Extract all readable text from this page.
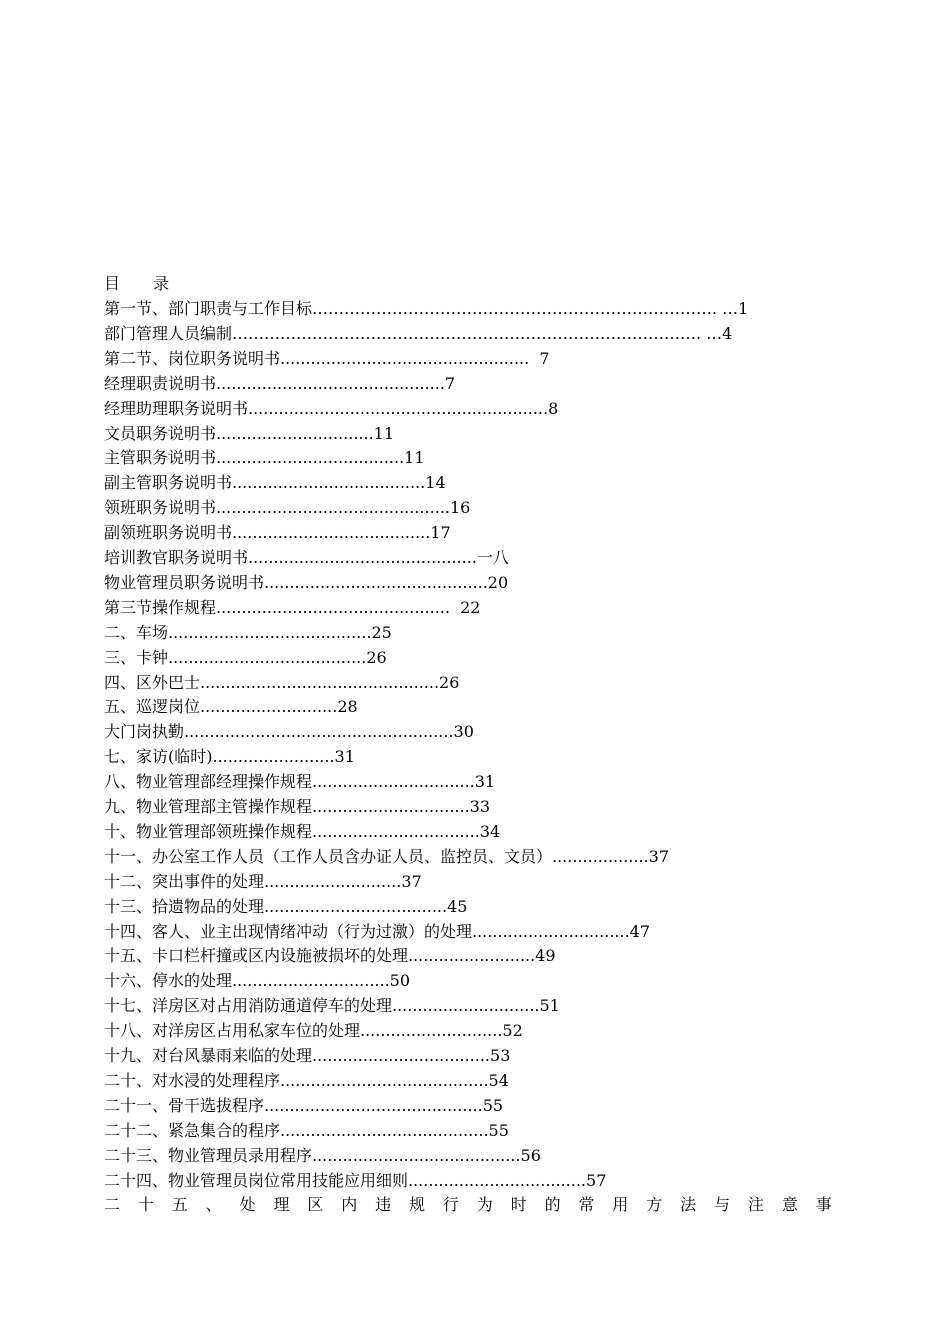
目 录
第一节、部门职责与工作目标…………………………………………………………………. …1
部门管理人员编制……………………………………………………………………………. …4
第二节、岗位职务说明书.................................................  7
经理职责说明书.............................................7
经理助理职务说明书...........................................................8
文员职务说明书...............................11
主管职务说明书.....................................11
副主管职务说明书......................................14
领班职务说明书..............................................16
副领班职务说明书.......................................17
培训教官职务说明书.............................................一八
物业管理员职务说明书............................................20
第三节操作规程..............................................  22
二、车场........................................25
三、卡钟.......................................26
四、区外巴士...............................................26
五、巡逻岗位...........................28
大门岗执勤.....................................................30
七、家访(临时)........................31
八、物业管理部经理操作规程................................31
九、物业管理部主管操作规程...............................33
十、物业管理部领班操作规程.................................34
十一、办公室工作人员（工作人员含办证人员、监控员、文员）...................37
十二、突出事件的处理...........................37
十三、拾遗物品的处理....................................45
十四、客人、业主出现情绪冲动（行为过激）的处理...............................47
十五、卡口栏杆撞或区内设施被损坏的处理.........................49
十六、停水的处理...............................50
十七、洋房区对占用消防通道停车的处理.............................51
十八、对洋房区占用私家车位的处理............................52
十九、对台风暴雨来临的处理...................................53
二十、对水浸的处理程序.........................................54
二十一、骨干选拔程序...........................................55
二十二、紧急集合的程序.........................................55
二十三、物业管理员录用程序.........................................56
二十四、物业管理员岗位常用技能应用细则...................................57
二 十 五 、 处 理 区 内 违 规 行 为 时 的 常 用 方 法 与 注 意 事
